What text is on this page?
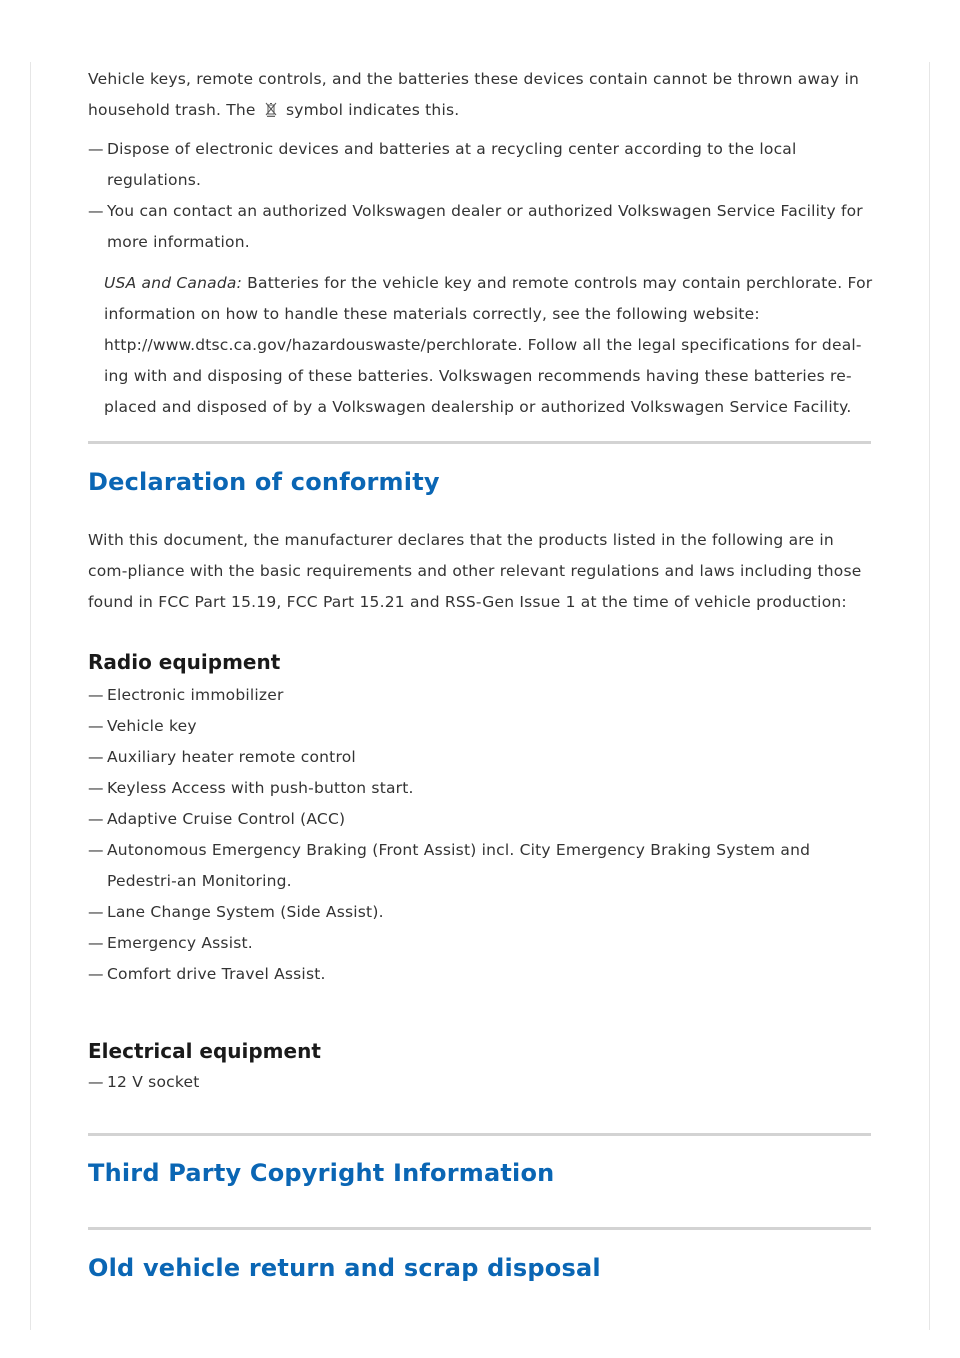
Vehicle keys, remote controls, and the batteries these devices contain cannot be thrown away in household trash. The symbol indicates this.

— Dispose of electronic devices and batteries at a recycling center according to the local regulations.
— You can contact an authorized Volkswagen dealer or authorized Volkswagen Service Facility for more information.

USA and Canada: Batteries for the vehicle key and remote controls may contain perchlorate. For information on how to handle these materials correctly, see the following website: http://www.dtsc.ca.gov/hazardouswaste/perchlorate. Follow all the legal specifications for deal-ing with and disposing of these batteries. Volkswagen recommends having these batteries re-placed and disposed of by a Volkswagen dealership or authorized Volkswagen Service Facility.

Declaration of conformity

With this document, the manufacturer declares that the products listed in the following are in com-pliance with the basic requirements and other relevant regulations and laws including those found in FCC Part 15.19, FCC Part 15.21 and RSS-Gen Issue 1 at the time of vehicle production:

Radio equipment
— Electronic immobilizer
— Vehicle key
— Auxiliary heater remote control
— Keyless Access with push-button start.
— Adaptive Cruise Control (ACC)
— Autonomous Emergency Braking (Front Assist) incl. City Emergency Braking System and Pedestri-an Monitoring.
— Lane Change System (Side Assist).
— Emergency Assist.
— Comfort drive Travel Assist.
Electrical equipment
— 12 V socket
Third Party Copyright Information
Old vehicle return and scrap disposal
